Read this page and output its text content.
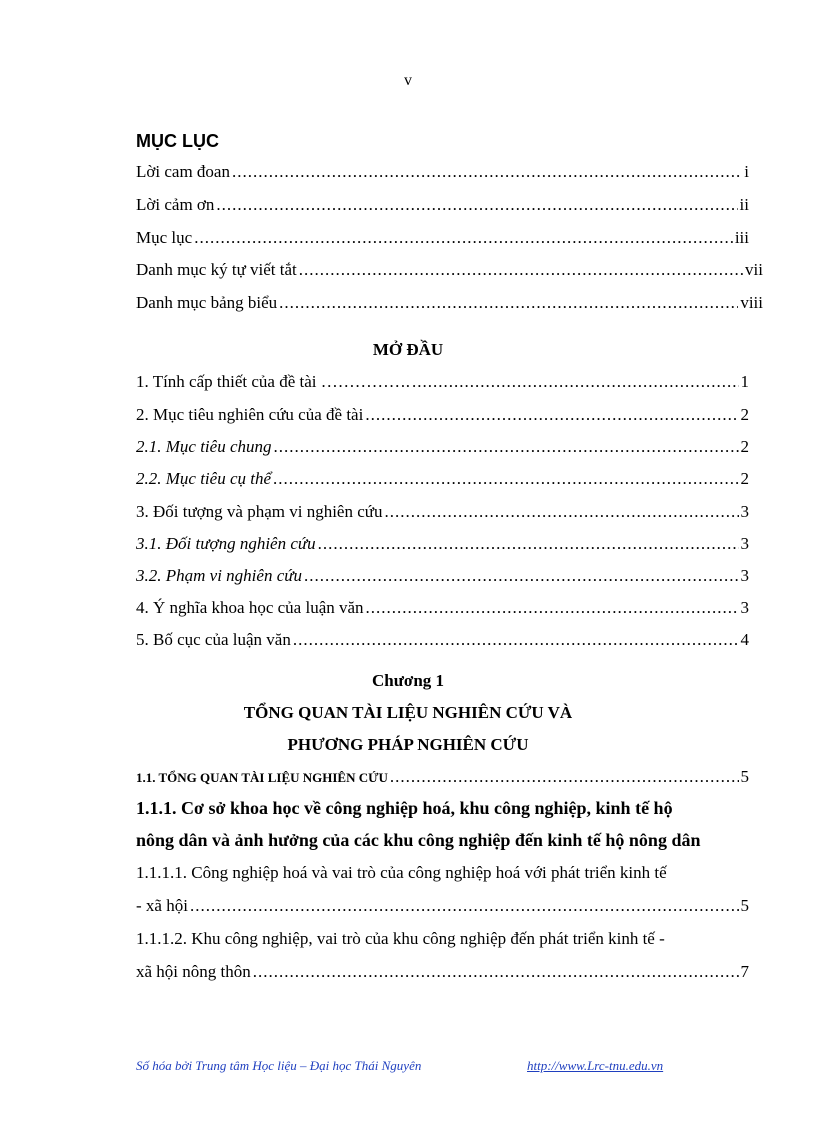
v
MỤC LỤC
Lời cam đoan .....	i
Lời cảm ơn .....	ii
Mục lục .....	iii
Danh mục ký tự viết tắt .....	vii
Danh mục bảng biểu .....	viii
MỞ ĐẦU
1. Tính cấp thiết của đề tài ……………. .....	1
2. Mục tiêu nghiên cứu của đề tài .....	2
2.1. Mục tiêu chung .....	2
2.2. Mục tiêu cụ thể .....	2
3. Đối tượng và phạm vi nghiên cứu .....	3
3.1. Đối tượng nghiên cứu .....	3
3.2. Phạm vi nghiên cứu .....	3
4. Ý nghĩa khoa học của luận văn .....	3
5. Bố cục của luận văn .....	4
Chương 1
TỔNG QUAN TÀI LIỆU NGHIÊN CỨU VÀ
PHƯƠNG PHÁP NGHIÊN CỨU
1.1. TỔNG QUAN TÀI LIỆU NGHIÊN CỨU .....	5
1.1.1. Cơ sở khoa học về công nghiệp hoá, khu công nghiệp, kinh tế hộ
nông dân và ảnh hưởng của các khu công nghiệp đến kinh tế hộ nông dân
1.1.1.1. Công nghiệp hoá và vai trò của công nghiệp hoá với phát triển kinh tế
- xã hội .....	5
1.1.1.2. Khu công nghiệp, vai trò của khu công nghiệp đến phát triển kinh tế -
xã hội nông thôn .....	7
Số hóa bởi Trung tâm Học liệu – Đại học Thái Nguyên	http://www.Lrc-tnu.edu.vn
